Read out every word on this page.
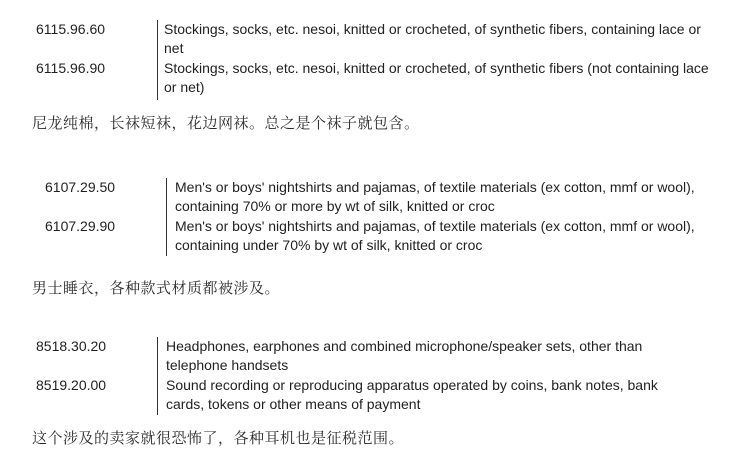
6115.96.60	Stockings, socks, etc. nesoi, knitted or crocheted, of synthetic fibers, containing lace or net
6115.96.90	Stockings, socks, etc. nesoi, knitted or crocheted, of synthetic fibers (not containing lace or net)
尼龙纯棉，长袜短袜，花边网袜。总之是个袜子就包含。
6107.29.50	Men's or boys' nightshirts and pajamas, of textile materials (ex cotton, mmf or wool), containing 70% or more by wt of silk, knitted or croc
6107.29.90	Men's or boys' nightshirts and pajamas, of textile materials (ex cotton, mmf or wool), containing under 70% by wt of silk, knitted or croc
男士睡衣，各种款式材质都被涉及。
8518.30.20	Headphones, earphones and combined microphone/speaker sets, other than telephone handsets
8519.20.00	Sound recording or reproducing apparatus operated by coins, bank notes, bank cards, tokens or other means of payment
这个涉及的卖家就很恐怖了，各种耳机也是征税范围。
